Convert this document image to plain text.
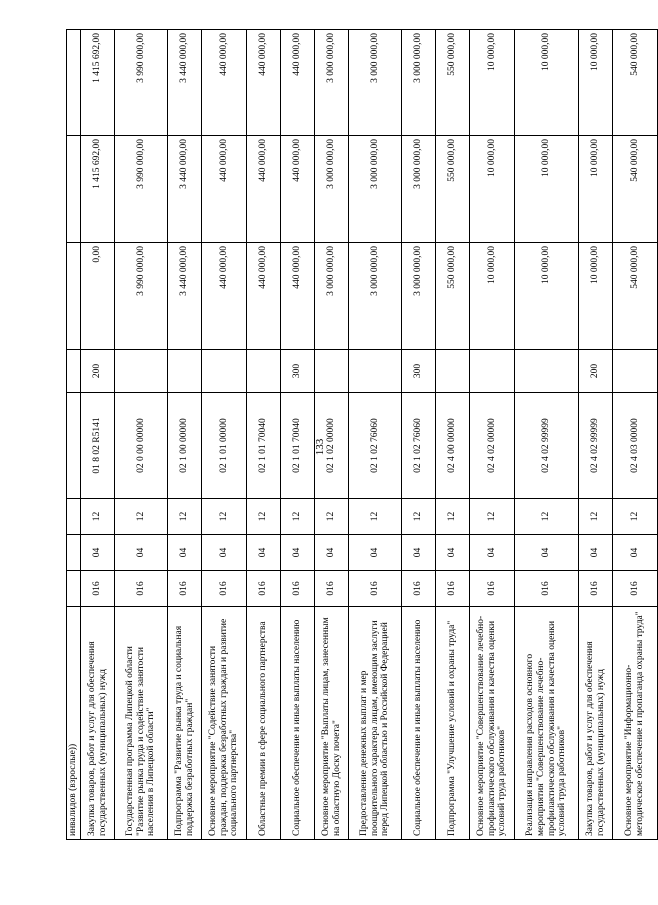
133
инвалидов (взрослые))								
Закупка товаров, работ и услуг для обеспечения государственных (муниципальных) нужд	016	04	12	01 8 02 R5141	200	0,00	1 415 692,00	1 415 692,00
Государственная программа Липецкой области "Развитие рынка труда и содействие занятости населения в Липецкой области"	016	04	12	02 0 00 00000		3 990 000,00	3 990 000,00	3 990 000,00
Подпрограмма "Развитие рынка труда и социальная поддержка безработных граждан"	016	04	12	02 1 00 00000		3 440 000,00	3 440 000,00	3 440 000,00
Основное мероприятие "Содействие занятости граждан, поддержка безработных граждан и развитие социального партнерства"	016	04	12	02 1 01 00000		440 000,00	440 000,00	440 000,00
Областные премии в сфере социального партнерства	016	04	12	02 1 01 70040		440 000,00	440 000,00	440 000,00
Социальное обеспечение и иные выплаты населению	016	04	12	02 1 01 70040	300	440 000,00	440 000,00	440 000,00
Основное мероприятие "Выплаты лицам, занесенным на областную Доску почета"	016	04	12	02 1 02 00000		3 000 000,00	3 000 000,00	3 000 000,00
Предоставление денежных выплат и мер поощрительного характера лицам, имеющим заслуги перед Липецкой областью и Российской Федерацией	016	04	12	02 1 02 76060		3 000 000,00	3 000 000,00	3 000 000,00
Социальное обеспечение и иные выплаты населению	016	04	12	02 1 02 76060	300	3 000 000,00	3 000 000,00	3 000 000,00
Подпрограмма "Улучшение условий и охраны труда"	016	04	12	02 4 00 00000		550 000,00	550 000,00	550 000,00
Основное мероприятие "Совершенствование лечебно-профилактического обслуживания и качества оценки условий труда работников"	016	04	12	02 4 02 00000		10 000,00	10 000,00	10 000,00
Реализация направления расходов основного мероприятия "Совершенствование лечебно-профилактического обслуживания и качества оценки условий труда работников"	016	04	12	02 4 02 99999		10 000,00	10 000,00	10 000,00
Закупка товаров, работ и услуг для обеспечения государственных (муниципальных) нужд	016	04	12	02 4 02 99999	200	10 000,00	10 000,00	10 000,00
Основное мероприятие "Информационно-методическое обеспечение и пропаганда охраны труда"	016	04	12	02 4 03 00000		540 000,00	540 000,00	540 000,00
